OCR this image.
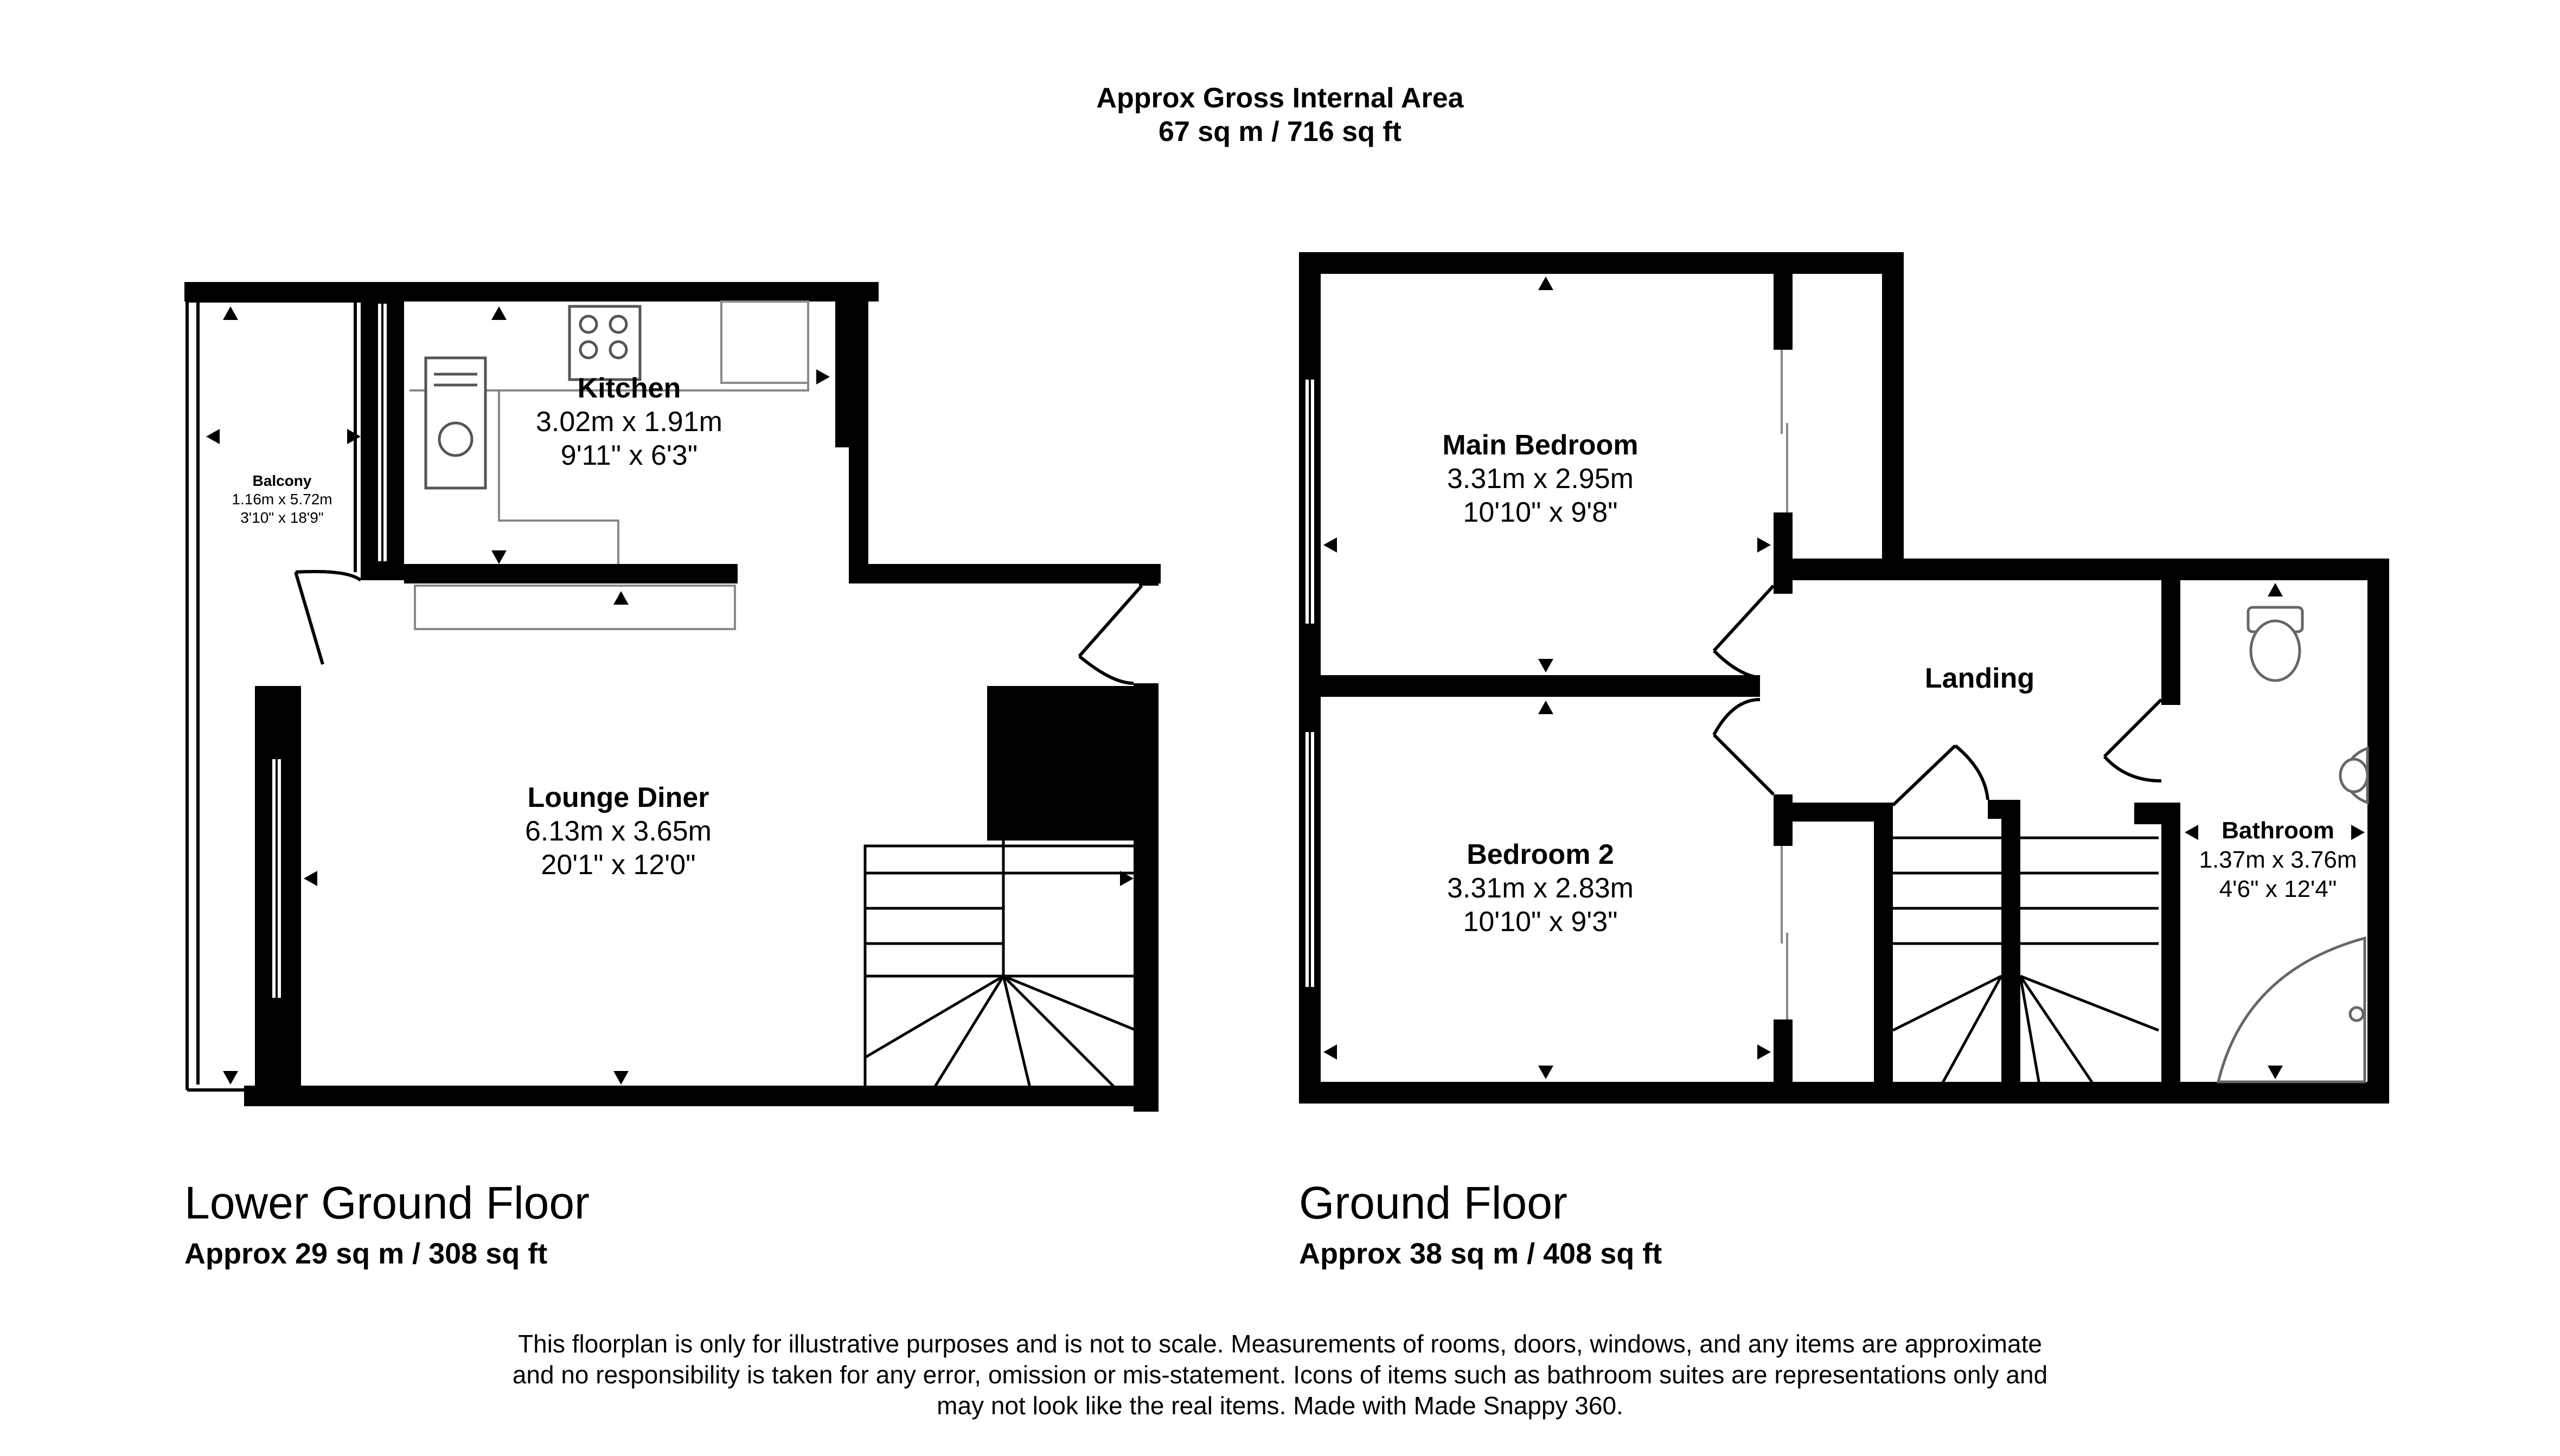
Approx Gross Internal Area
67 sq m / 716 sq ft
Kitchen
3.02m x 1.91m
9'11" x 6'3"
Balcony
1.16m x 5.72m
3'10" x 18'9"
Lounge Diner
6.13m x 3.65m
20'1" x 12'0"
Main Bedroom
3.31m x 2.95m
10'10" x 9'8"
Landing
Bedroom 2
3.31m x 2.83m
10'10" x 9'3"
Bathroom
1.37m x 3.76m
4'6" x 12'4"
Lower Ground Floor
Approx 29 sq m / 308 sq ft
Ground Floor
Approx 38 sq m / 408 sq ft
This floorplan is only for illustrative purposes and is not to scale. Measurements of rooms, doors, windows, and any items are approximate
and no responsibility is taken for any error, omission or mis-statement. Icons of items such as bathroom suites are representations only and
may not look like the real items. Made with Made Snappy 360.
